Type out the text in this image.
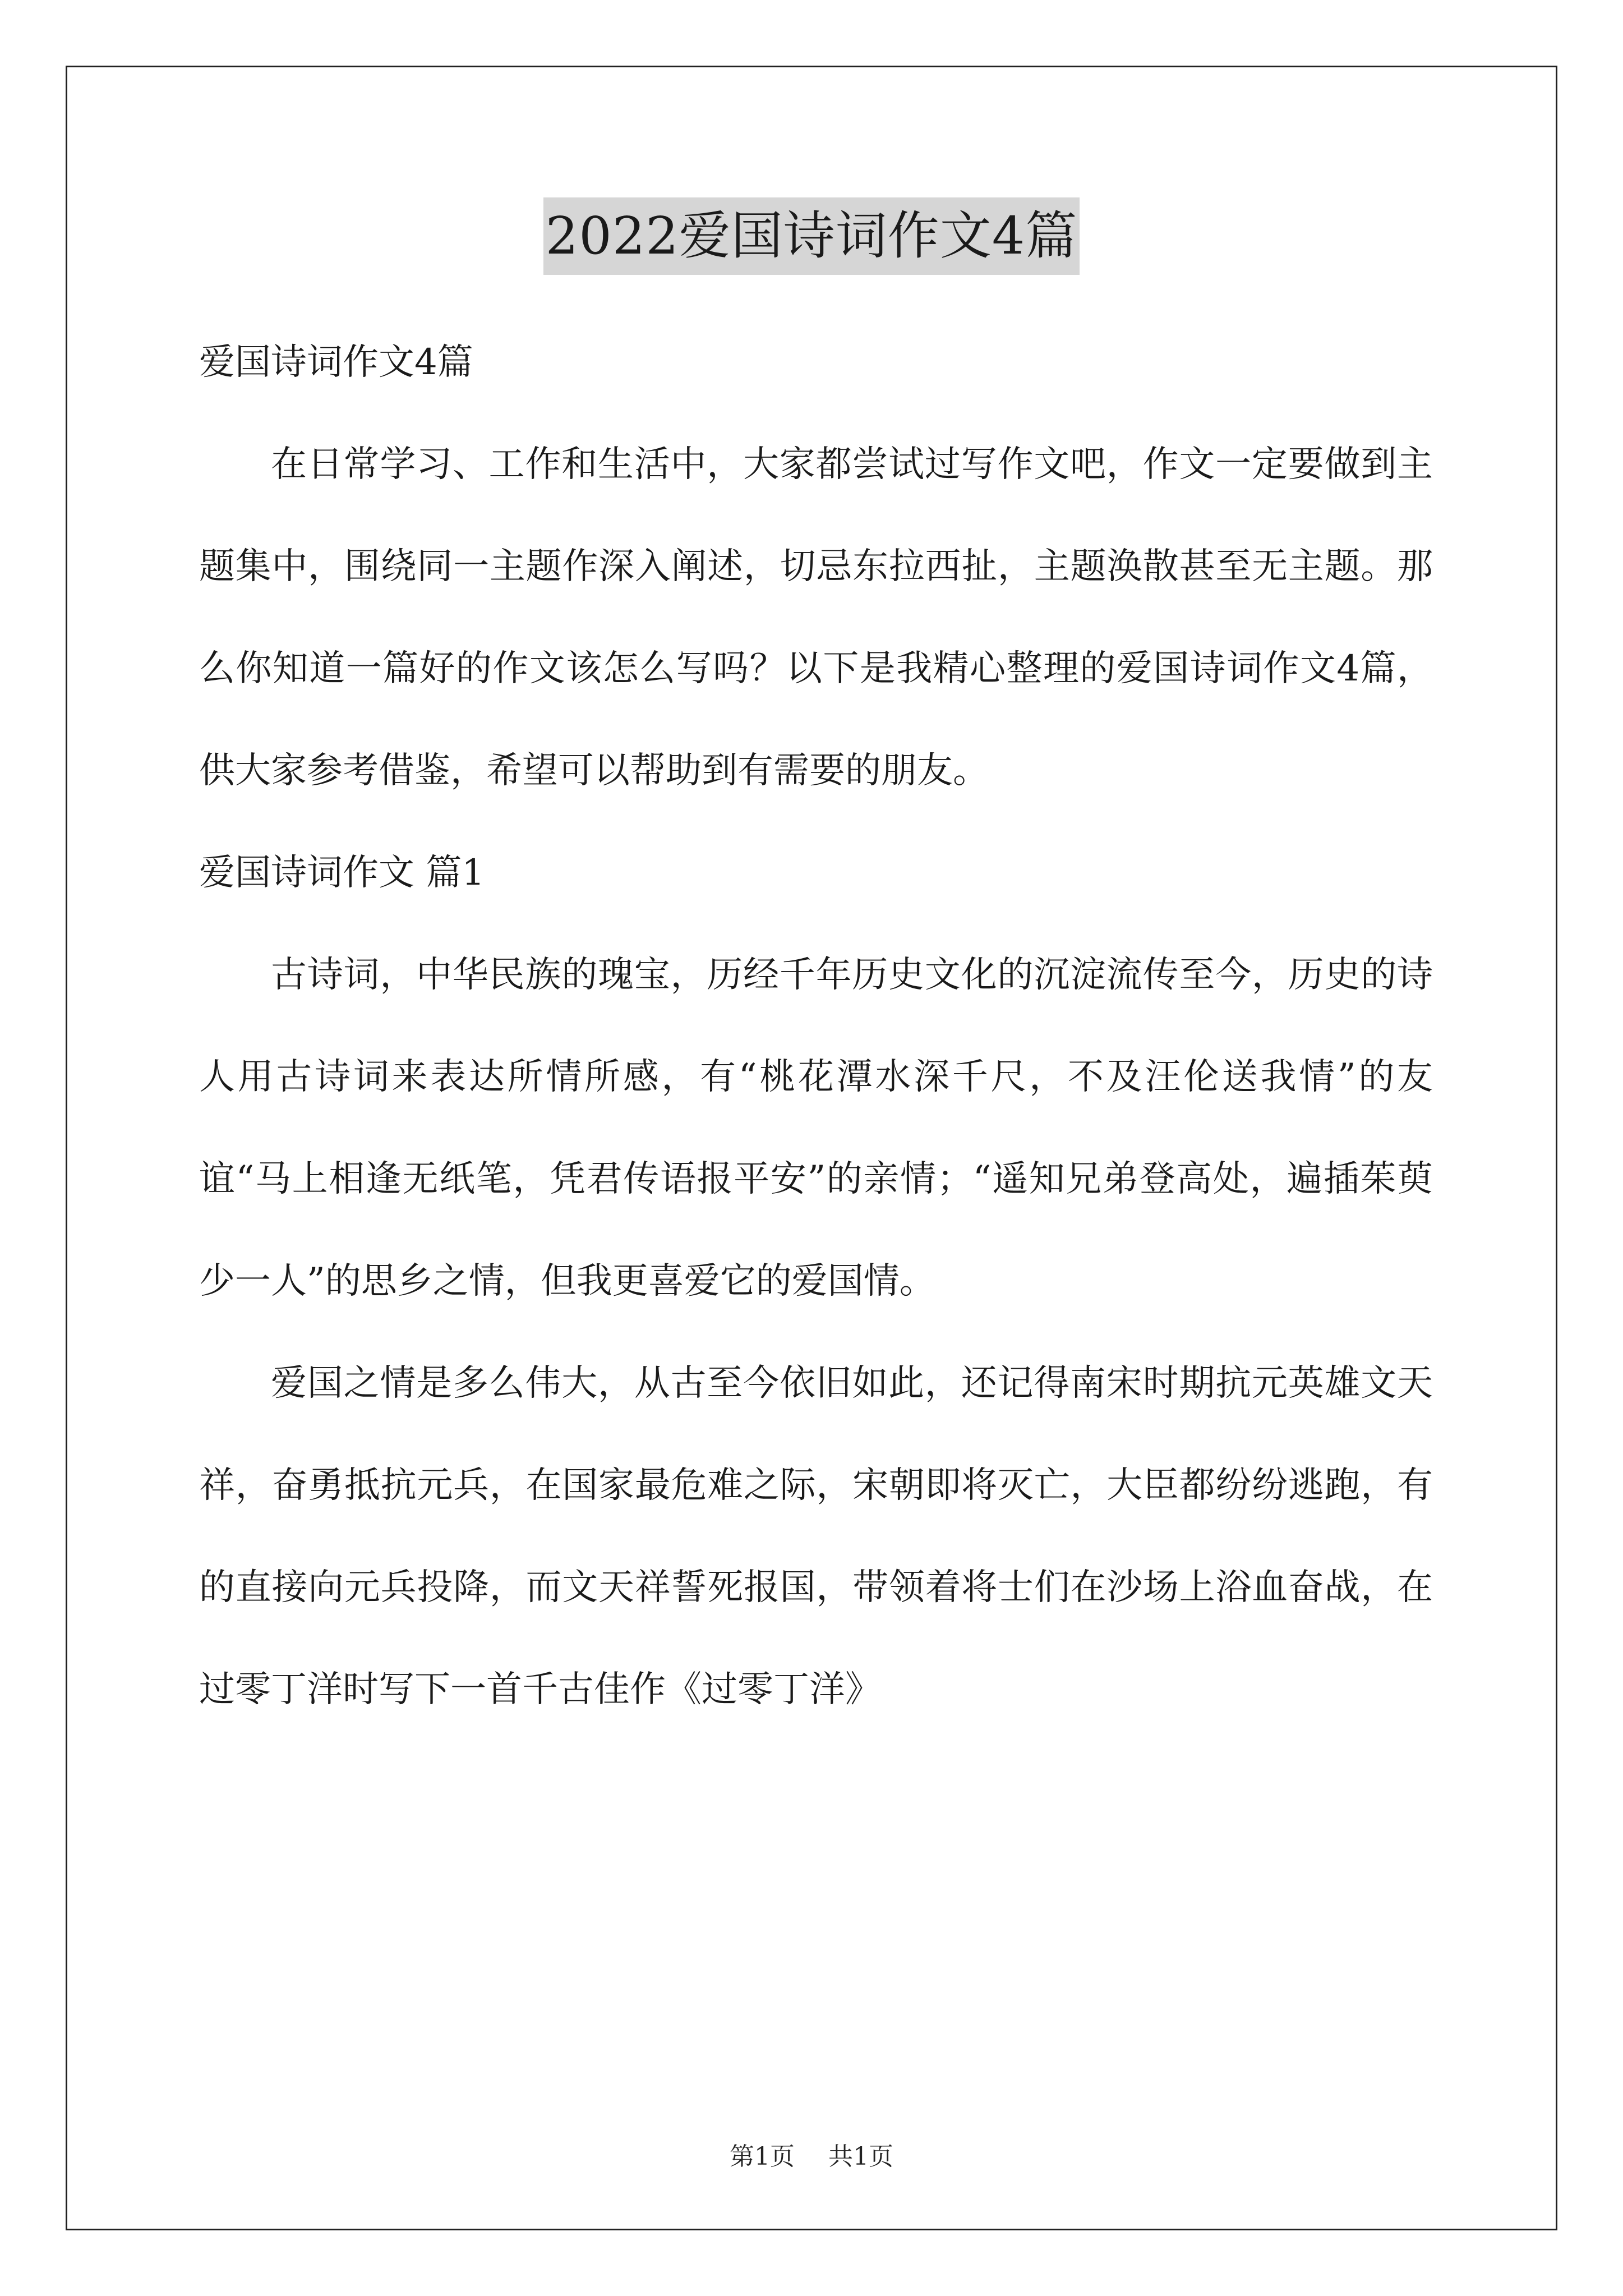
2022爱国诗词作文4篇

爱国诗词作文4篇

在日常学习、工作和生活中，大家都尝试过写作文吧，作文一定要做到主题集中，围绕同一主题作深入阐述，切忌东拉西扯，主题涣散甚至无主题。那么你知道一篇好的作文该怎么写吗？以下是我精心整理的爱国诗词作文4篇，供大家参考借鉴，希望可以帮助到有需要的朋友。

爱国诗词作文 篇1

古诗词，中华民族的瑰宝，历经千年历史文化的沉淀流传至今，历史的诗人用古诗词来表达所情所感，有“桃花潭水深千尺，不及汪伦送我情”的友谊“马上相逢无纸笔，凭君传语报平安”的亲情；“遥知兄弟登高处，遍插茱萸少一人”的思乡之情，但我更喜爱它的爱国情。

爱国之情是多么伟大，从古至今依旧如此，还记得南宋时期抗元英雄文天祥，奋勇抵抗元兵，在国家最危难之际，宋朝即将灭亡，大臣都纷纷逃跑，有的直接向元兵投降，而文天祥誓死报国，带领着将士们在沙场上浴血奋战，在过零丁洋时写下一首千古佳作《过零丁洋》

第1页 共1页
